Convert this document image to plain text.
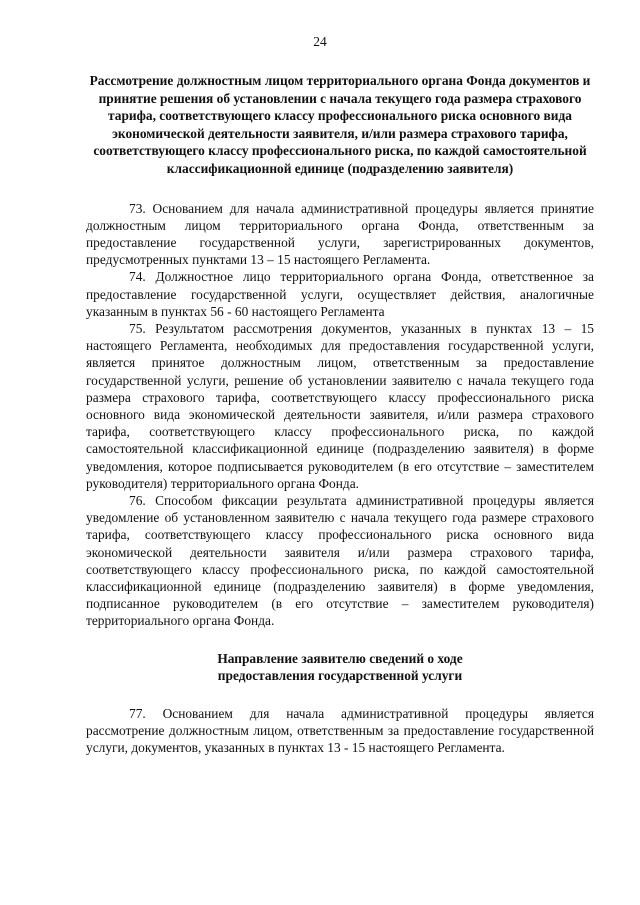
24

Рассмотрение должностным лицом территориального органа Фонда документов и принятие решения об установлении с начала текущего года размера страхового тарифа, соответствующего классу профессионального риска основного вида экономической деятельности заявителя, и/или размера страхового тарифа, соответствующего классу профессионального риска, по каждой самостоятельной классификационной единице (подразделению заявителя)

73. Основанием для начала административной процедуры является принятие должностным лицом территориального органа Фонда, ответственным за предоставление государственной услуги, зарегистрированных документов, предусмотренных пунктами 13 – 15 настоящего Регламента.

74. Должностное лицо территориального органа Фонда, ответственное за предоставление государственной услуги, осуществляет действия, аналогичные указанным в пунктах 56 - 60 настоящего Регламента

75. Результатом рассмотрения документов, указанных в пунктах 13 – 15 настоящего Регламента, необходимых для предоставления государственной услуги, является принятое должностным лицом, ответственным за предоставление государственной услуги, решение об установлении заявителю с начала текущего года размера страхового тарифа, соответствующего классу профессионального риска основного вида экономической деятельности заявителя, и/или размера страхового тарифа, соответствующего классу профессионального риска, по каждой самостоятельной классификационной единице (подразделению заявителя) в форме уведомления, которое подписывается руководителем (в его отсутствие – заместителем руководителя) территориального органа Фонда.

76. Способом фиксации результата административной процедуры является уведомление об установленном заявителю с начала текущего года размере страхового тарифа, соответствующего классу профессионального риска основного вида экономической деятельности заявителя и/или размера страхового тарифа, соответствующего классу профессионального риска, по каждой самостоятельной классификационной единице (подразделению заявителя) в форме уведомления, подписанное руководителем (в его отсутствие – заместителем руководителя) территориального органа Фонда.

Направление заявителю сведений о ходе
предоставления государственной услуги

77. Основанием для начала административной процедуры является рассмотрение должностным лицом, ответственным за предоставление государственной услуги, документов, указанных в пунктах 13 - 15 настоящего Регламента.
